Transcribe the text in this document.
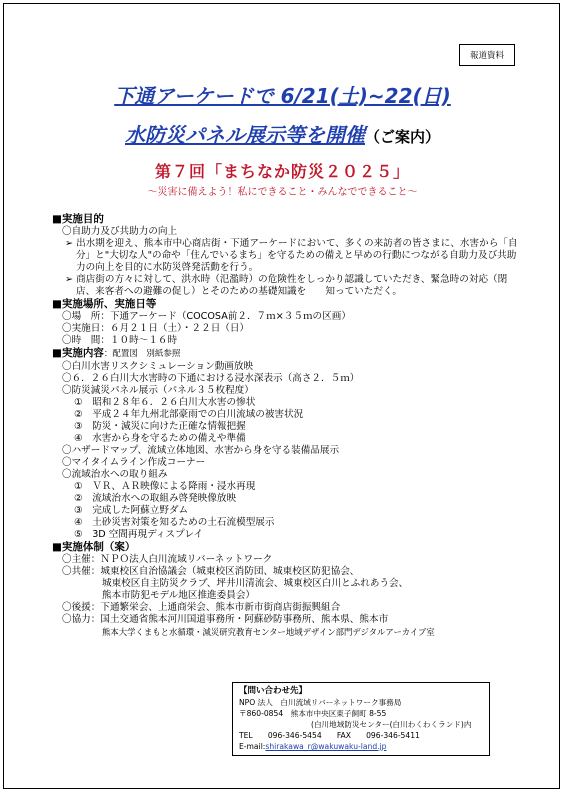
報道資料
下通アーケードで 6/21(土)~22(日)
水防災パネル展示等を開催（ご案内）
第７回「まちなか防災２０２５」
～災害に備えよう！私にできること・みんなでできること～
■実施目的
〇自助力及び共助力の向上
➢ 出水期を迎え、熊本市中心商店街・下通アーケードにおいて、多くの来訪者の皆さまに、水害から「自分」と"大切な人"の命や「住んでいるまち」を守るための備えと早めの行動につながる自助力及び共助力の向上を目的に水防災啓発活動を行う。
➢ 商店街の方々に対して、洪水時（氾濫時）の危険性をしっかり認識していただき、緊急時の対応（閉店、来客者への避難の促し）とそのための基礎知識を　　知っていただく。
■実施場所、実施日等
〇場　所：下通アーケード（COCOSA前２．７ｍ×３５ｍの区画）
〇実施日：６月２１日（土）・２２日（日）
〇時　間：１０時～１６時
■実施内容：配置図　別紙参照
〇白川水害リスクシミュレーション動画放映
〇６．２６白川大水害時の下通における浸水深表示（高さ２．５ｍ）
〇防災減災パネル展示（パネル３５枚程度）
①　昭和２８年６．２６白川大水害の惨状
②　平成２４年九州北部豪雨での白川流域の被害状況
③　防災・減災に向けた正確な情報把握
④　水害から身を守るための備えや準備
〇ハザードマップ、流域立体地図、水害から身を守る装備品展示
〇マイタイムライン作成コーナー
〇流域治水への取り組み
①　ＶＲ、ＡＲ映像による降雨・浸水再現
②　流域治水への取組み啓発映像放映
③　完成した阿蘇立野ダム
④　土砂災害対策を知るための土石流模型展示
⑤　3D 空間再現ディスプレイ
■実施体制（案）
〇主催：ＮＰＯ法人白川流域リバーネットワーク
〇共催：城東校区自治協議会（城東校区消防団、城東校区防犯協会、
城東校区自主防災クラブ、坪井川清流会、城東校区白川とふれあう会、
熊本市防犯モデル地区推進委員会）
〇後援：下通繁栄会、上通商栄会、熊本市新市街商店街振興組合
〇協力：国土交通省熊本河川国道事務所・阿蘇砂防事務所、熊本県、熊本市
熊本大学くまもと水循環・減災研究教育センター地域デザイン部門デジタルアーカイブ室
【問い合わせ先】
NPO 法人　白川流域リバーネットワーク事務局
〒860-0854　熊本市中央区東子飼町 8-55
(白川地域防災センター(白川わくわくランド)内
TEL　　096-346-5454　　FAX　　096-346-5411
E-mail:shirakawa_r@wakuwaku-land.jp
